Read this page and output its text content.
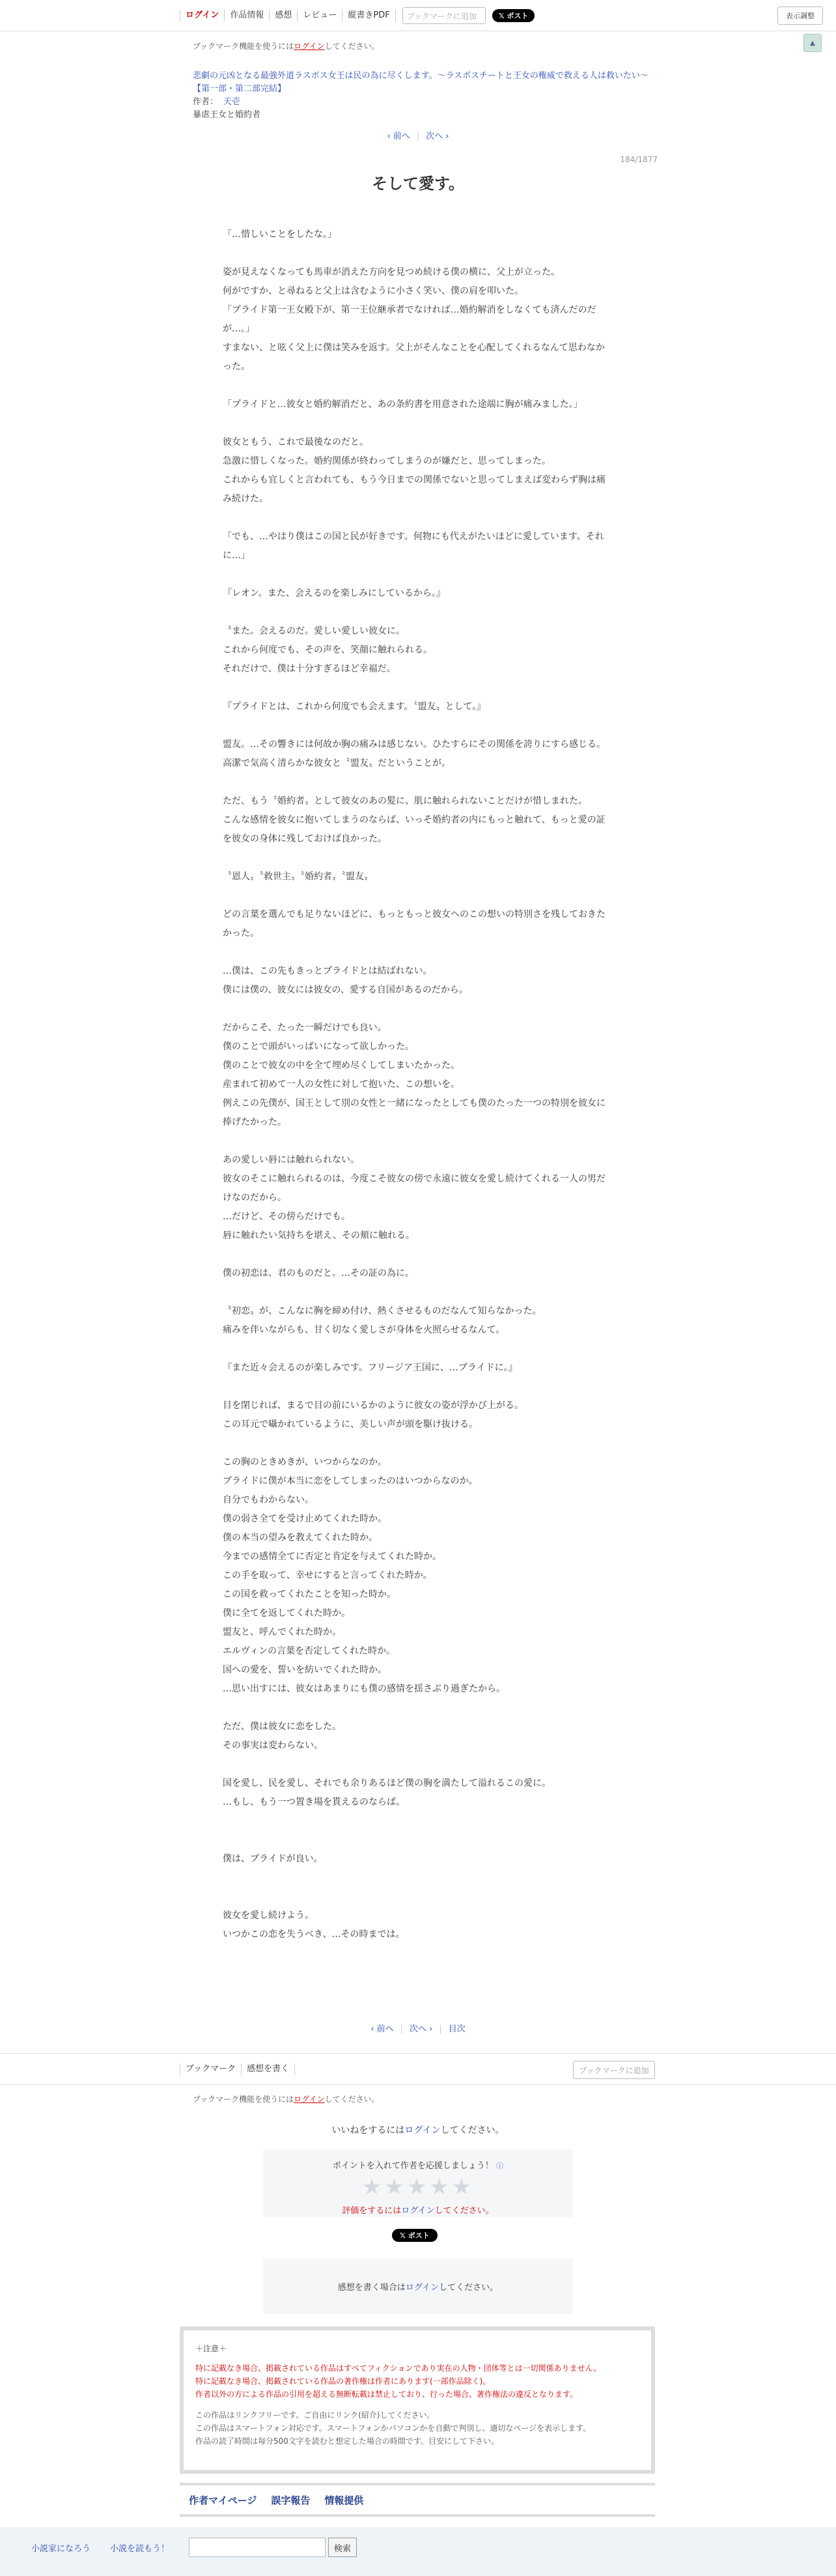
ログイン	作品情報	感想	レビュー	縦書きPDF	ブックマークに追加	𝕏 ポスト	表示調整
▲
ブックマーク機能を使うにはログインしてください。
悲劇の元凶となる最強外道ラスボス女王は民の為に尽くします。〜ラスボスチートと王女の権威で救える人は救いたい〜【第一部・第二部完結】
作者： 天壱
暴虐王女と婚約者
‹ 前へ | 次へ ›
184/1877
そして愛す。

「…惜しいことをしたな。」

姿が見えなくなっても馬車が消えた方向を見つめ続ける僕の横に、父上が立った。

何がですか、と尋ねると父上は含むように小さく笑い、僕の肩を叩いた。

「プライド第一王女殿下が、第一王位継承者でなければ…婚約解消をしなくても済んだのだが…。」

すまない、と呟く父上に僕は笑みを返す。父上がそんなことを心配してくれるなんて思わなかった。

「プライドと…彼女と婚約解消だと、あの条約書を用意された途端に胸が痛みました。」

彼女ともう、これで最後なのだと。

急激に惜しくなった。婚約関係が終わってしまうのが嫌だと、思ってしまった。

これからも宜しくと言われても、もう今日までの関係でないと思ってしまえば変わらず胸は痛み続けた。

「でも、…やはり僕はこの国と民が好きです。何物にも代えがたいほどに愛しています。それに…」

『レオン。また、会えるのを楽しみにしているから。』

〝また。会えるのだ。愛しい愛しい彼女に。

これから何度でも、その声を、笑顔に触れられる。

それだけで、僕は十分すぎるほど幸福だ。

『プライドとは、これから何度でも会えます。〝盟友〟として。』

盟友。…その響きには何故か胸の痛みは感じない。ひたすらにその関係を誇りにすら感じる。高潔で気高く清らかな彼女と〝盟友〟だということが。

ただ、もう〝婚約者〟として彼女のあの髪に、肌に触れられないことだけが惜しまれた。

こんな感情を彼女に抱いてしまうのならば、いっそ婚約者の内にもっと触れて、もっと愛の証を彼女の身体に残しておけば良かった。

〝恩人〟〝救世主〟〝婚約者〟〝盟友〟

どの言葉を選んでも足りないほどに、もっともっと彼女へのこの想いの特別さを残しておきたかった。

…僕は、この先もきっとプライドとは結ばれない。

僕には僕の、彼女には彼女の、愛する自国があるのだから。

だからこそ、たった一瞬だけでも良い。

僕のことで頭がいっぱいになって欲しかった。

僕のことで彼女の中を全て埋め尽くしてしまいたかった。

産まれて初めて一人の女性に対して抱いた、この想いを。

例えこの先僕が、国王として別の女性と一緒になったとしても僕のたった一つの特別を彼女に捧げたかった。

あの愛しい唇には触れられない。

彼女のそこに触れられるのは、今度こそ彼女の傍で永遠に彼女を愛し続けてくれる一人の男だけなのだから。

…だけど、その傍らだけでも。

唇に触れたい気持ちを堪え、その頬に触れる。

僕の初恋は、君のものだと。…その証の為に。

〝初恋〟が、こんなに胸を締め付け、熱くさせるものだなんて知らなかった。

痛みを伴いながらも、甘く切なく愛しさが身体を火照らせるなんて。

『また近々会えるのが楽しみです。フリージア王国に、…プライドに。』

目を閉じれば、まるで目の前にいるかのように彼女の姿が浮かび上がる。

この耳元で囁かれているように、美しい声が頭を駆け抜ける。

この胸のときめきが、いつからなのか。

プライドに僕が本当に恋をしてしまったのはいつからなのか。

自分でもわからない。

僕の弱さ全てを受け止めてくれた時か。

僕の本当の望みを教えてくれた時か。

今までの感情全てに否定と肯定を与えてくれた時か。

この手を取って、幸せにすると言ってくれた時か。

この国を救ってくれたことを知った時か。

僕に全てを返してくれた時か。

盟友と、呼んでくれた時か。

エルヴィンの言葉を否定してくれた時か。

国への愛を、誓いを紡いでくれた時か。

…思い出すには、彼女はあまりにも僕の感情を揺さぶり過ぎたから。

ただ、僕は彼女に恋をした。

その事実は変わらない。

国を愛し、民を愛し、それでも余りあるほど僕の胸を満たして溢れるこの愛に。

…もし、もう一つ置き場を貰えるのならば。

僕は、プライドが良い。

彼女を愛し続けよう。

いつかこの恋を失うべき、…その時までは。

‹ 前へ | 次へ › | 目次
ブックマーク	感想を書く	ブックマークに追加
ブックマーク機能を使うにはログインしてください。
いいねをするにはログインしてください。
ポイントを入れて作者を応援しましょう！ ⓘ
★★★★★
評価をするにはログインしてください。
𝕏 ポスト
感想を書く場合は ログイン してください。
＋注意＋
特に記載なき場合、掲載されている作品はすべてフィクションであり実在の人物・団体等とは一切関係ありません。
特に記載なき場合、掲載されている作品の著作権は作者にあります(一部作品除く)。
作者以外の方による作品の引用を超える無断転載は禁止しており、行った場合、著作権法の違反となります。
この作品はリンクフリーです。ご自由にリンク(紹介)してください。
この作品はスマートフォン対応です。スマートフォンかパソコンかを自動で判別し、適切なページを表示します。
作品の読了時間は毎分500文字を読むと想定した場合の時間です。目安にして下さい。
作者マイページ 誤字報告 情報提供
小説家になろう 小説を読もう！	検索
